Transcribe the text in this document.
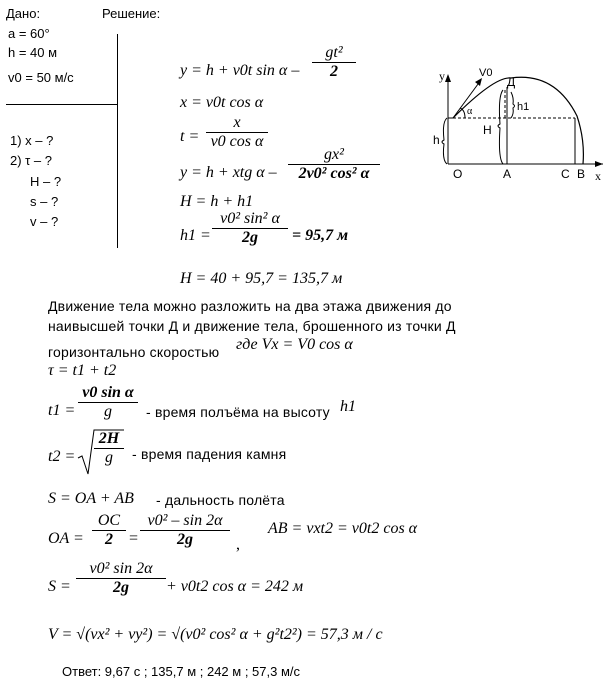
Дано:	Решение:
a = 60°
h = 40 м
v0 = 50 м/с
1) x – ?
2) τ – ?
H – ?
s – ?
v – ?
y = h + v0t sin α – $\frac{\text{gt²}}{2}$
x = v0t cos α
$t = \frac{x}{\text{v0 cos α}}$
y = h + xtg α – $\frac{\text{gx²}}{\text{2v0² cos² α}}$
H = h + h1
$h1 = \frac{\text{v0² sin² α}}{2g} = 95,7$ м
H = 40 + 95,7 = 135,7 м
y
x
V0
Д
h1
H
h
α
O	A	C B
Движение тела можно разложить на два этажа движения до
наивысшей точки Д и движение тела, брошенного из точки Д
горизонтально скоростью где Vx = V0 cos α
τ = t1 + t2
$t1 = \frac{\text{v0 sin α}}{g}$ - время полъёма на высоту h1
$t2 = \frac{2H}{g}$ - время падения камня
S = OA + AB - дальность полёта
OA = $\frac{OC}{2} = \frac{\text{v0² – sin 2α}}{2g}$ ,
AB = vxt2 = v0t2 cos α
$S = \frac{\text{v0² sin 2α}}{2g} + v0t2$ cos α = 242 м
V = √(vx² + vy²) = √(v0² cos² α + g²t2²) = 57,3 м / с
Ответ: 9,67 с ; 135,7 м ; 242 м ; 57,3 м/с
